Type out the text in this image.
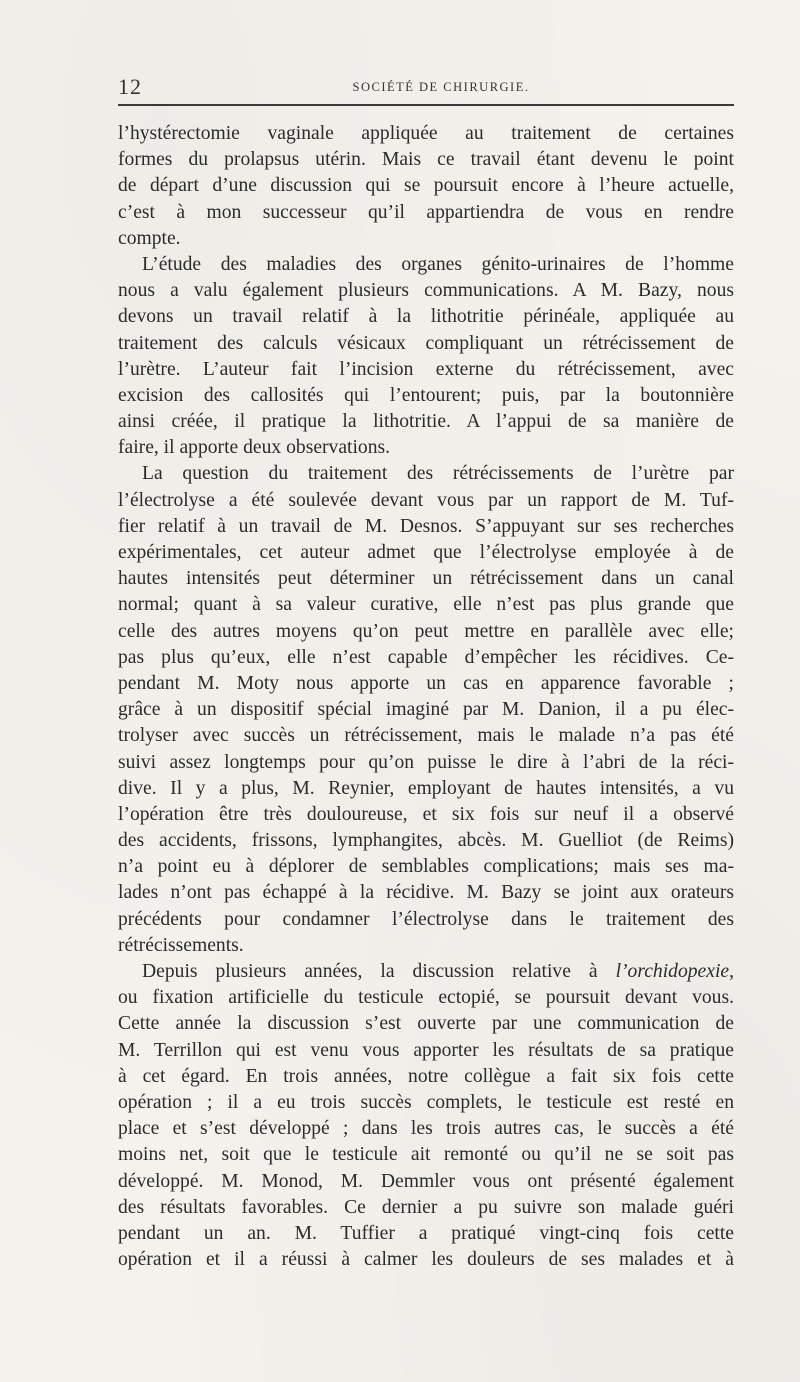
12	SOCIÉTÉ DE CHIRURGIE.
l’hystérectomie vaginale appliquée au traitement de certaines
formes du prolapsus utérin. Mais ce travail étant devenu le point
de départ d’une discussion qui se poursuit encore à l’heure actuelle,
c’est à mon successeur qu’il appartiendra de vous en rendre
compte.
L’étude des maladies des organes génito-urinaires de l’homme
nous a valu également plusieurs communications. A M. Bazy, nous
devons un travail relatif à la lithotritie périnéale, appliquée au
traitement des calculs vésicaux compliquant un rétrécissement de
l’urètre. L’auteur fait l’incision externe du rétrécissement, avec
excision des callosités qui l’entourent; puis, par la boutonnière
ainsi créée, il pratique la lithotritie. A l’appui de sa manière de
faire, il apporte deux observations.
La question du traitement des rétrécissements de l’urètre par
l’électrolyse a été soulevée devant vous par un rapport de M. Tuf-
fier relatif à un travail de M. Desnos. S’appuyant sur ses recherches
expérimentales, cet auteur admet que l’électrolyse employée à de
hautes intensités peut déterminer un rétrécissement dans un canal
normal; quant à sa valeur curative, elle n’est pas plus grande que
celle des autres moyens qu’on peut mettre en parallèle avec elle;
pas plus qu’eux, elle n’est capable d’empêcher les récidives. Ce-
pendant M. Moty nous apporte un cas en apparence favorable ;
grâce à un dispositif spécial imaginé par M. Danion, il a pu élec-
trolyser avec succès un rétrécissement, mais le malade n’a pas été
suivi assez longtemps pour qu’on puisse le dire à l’abri de la réci-
dive. Il y a plus, M. Reynier, employant de hautes intensités, a vu
l’opération être très douloureuse, et six fois sur neuf il a observé
des accidents, frissons, lymphangites, abcès. M. Guelliot (de Reims)
n’a point eu à déplorer de semblables complications; mais ses ma-
lades n’ont pas échappé à la récidive. M. Bazy se joint aux orateurs
précédents pour condamner l’électrolyse dans le traitement des
rétrécissements.
Depuis plusieurs années, la discussion relative à l’orchidopexie,
ou fixation artificielle du testicule ectopié, se poursuit devant vous.
Cette année la discussion s’est ouverte par une communication de
M. Terrillon qui est venu vous apporter les résultats de sa pratique
à cet égard. En trois années, notre collègue a fait six fois cette
opération ; il a eu trois succès complets, le testicule est resté en
place et s’est développé ; dans les trois autres cas, le succès a été
moins net, soit que le testicule ait remonté ou qu’il ne se soit pas
développé. M. Monod, M. Demmler vous ont présenté également
des résultats favorables. Ce dernier a pu suivre son malade guéri
pendant un an. M. Tuffier a pratiqué vingt-cinq fois cette
opération et il a réussi à calmer les douleurs de ses malades et à
